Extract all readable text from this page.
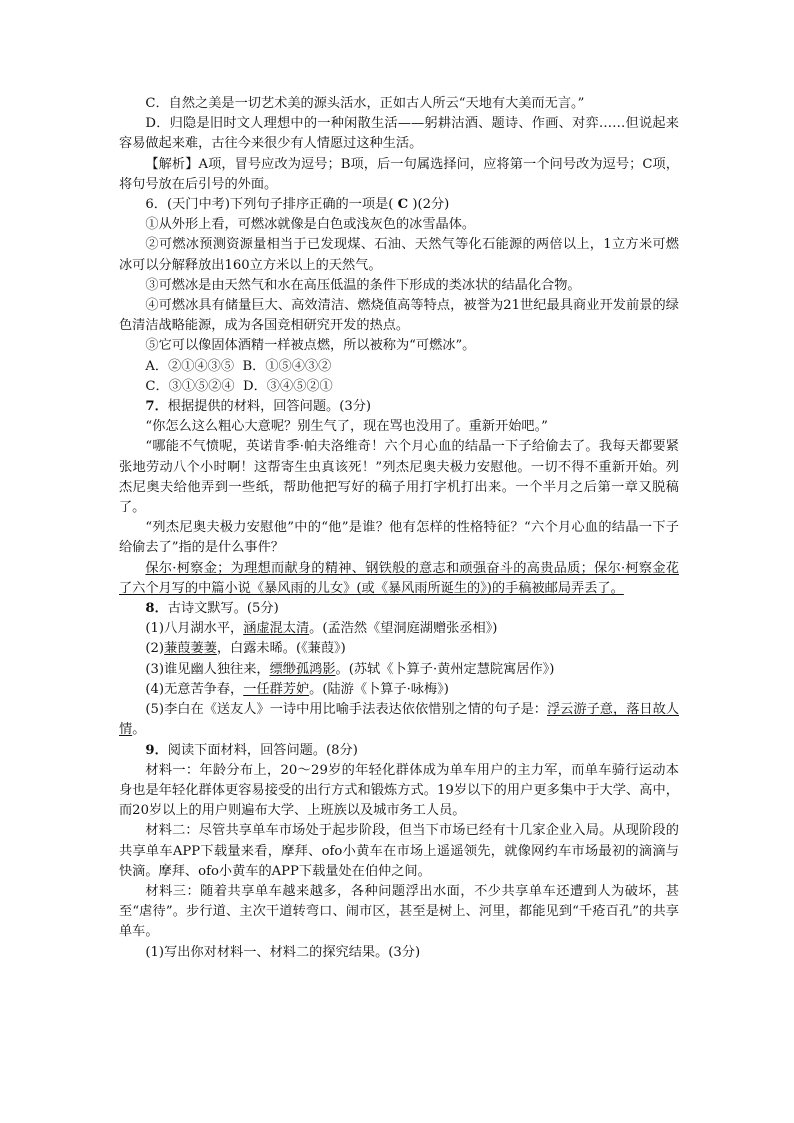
C．自然之美是一切艺术美的源头活水，正如古人所云“天地有大美而无言。”

D．归隐是旧时文人理想中的一种闲散生活——躬耕沽酒、题诗、作画、对弈……但说起来容易做起来难，古往今来很少有人情愿过这种生活。

【解析】A项，冒号应改为逗号；B项，后一句属选择问，应将第一个问号改为逗号；C项，将句号放在后引号的外面。

6．(天门中考)下列句子排序正确的一项是( C )(2分)

①从外形上看，可燃冰就像是白色或浅灰色的冰雪晶体。

②可燃冰预测资源量相当于已发现煤、石油、天然气等化石能源的两倍以上，1立方米可燃冰可以分解释放出160立方米以上的天然气。

③可燃冰是由天然气和水在高压低温的条件下形成的类冰状的结晶化合物。

④可燃冰具有储量巨大、高效清洁、燃烧值高等特点，被誉为21世纪最具商业开发前景的绿色清洁战略能源，成为各国竞相研究开发的热点。

⑤它可以像固体酒精一样被点燃，所以被称为“可燃冰”。

A．②①④③⑤ B．①⑤④③②

C．③①⑤②④ D．③④⑤②①

7．根据提供的材料，回答问题。(3分)

“你怎么这么粗心大意呢？别生气了，现在骂也没用了。重新开始吧。”

“哪能不气愤呢，英诺肯季·帕夫洛维奇！六个月心血的结晶一下子给偷去了。我每天都要紧张地劳动八个小时啊！这帮寄生虫真该死！”列杰尼奥夫极力安慰他。一切不得不重新开始。列杰尼奥夫给他弄到一些纸，帮助他把写好的稿子用打字机打出来。一个半月之后第一章又脱稿了。

“列杰尼奥夫极力安慰他”中的“他”是谁？他有怎样的性格特征？“六个月心血的结晶一下子给偷去了”指的是什么事件？

保尔·柯察金；为理想而献身的精神、钢铁般的意志和顽强奋斗的高贵品质；保尔·柯察金花了六个月写的中篇小说《暴风雨的儿女》(或《暴风雨所诞生的》)的手稿被邮局弄丢了。

8．古诗文默写。(5分)

(1)八月湖水平，涵虚混太清。(孟浩然《望洞庭湖赠张丞相》)

(2)蒹葭萋萋，白露未晞。(《蒹葭》)

(3)谁见幽人独往来，缥缈孤鸿影。(苏轼《卜算子·黄州定慧院寓居作》)

(4)无意苦争春，一任群芳妒。(陆游《卜算子·咏梅》)

(5)李白在《送友人》一诗中用比喻手法表达依依惜别之情的句子是：浮云游子意，落日故人情。

9．阅读下面材料，回答问题。(8分)

材料一：年龄分布上，20～29岁的年轻化群体成为单车用户的主力军，而单车骑行运动本身也是年轻化群体更容易接受的出行方式和锻炼方式。19岁以下的用户更多集中于大学、高中，而20岁以上的用户则遍布大学、上班族以及城市务工人员。

材料二：尽管共享单车市场处于起步阶段，但当下市场已经有十几家企业入局。从现阶段的共享单车APP下载量来看，摩拜、ofo小黄车在市场上遥遥领先，就像网约车市场最初的滴滴与快滴。摩拜、ofo小黄车的APP下载量处在伯仲之间。

材料三：随着共享单车越来越多，各种问题浮出水面，不少共享单车还遭到人为破坏，甚至“虐待”。步行道、主次干道转弯口、闹市区，甚至是树上、河里，都能见到“千疮百孔”的共享单车。

(1)写出你对材料一、材料二的探究结果。(3分)
